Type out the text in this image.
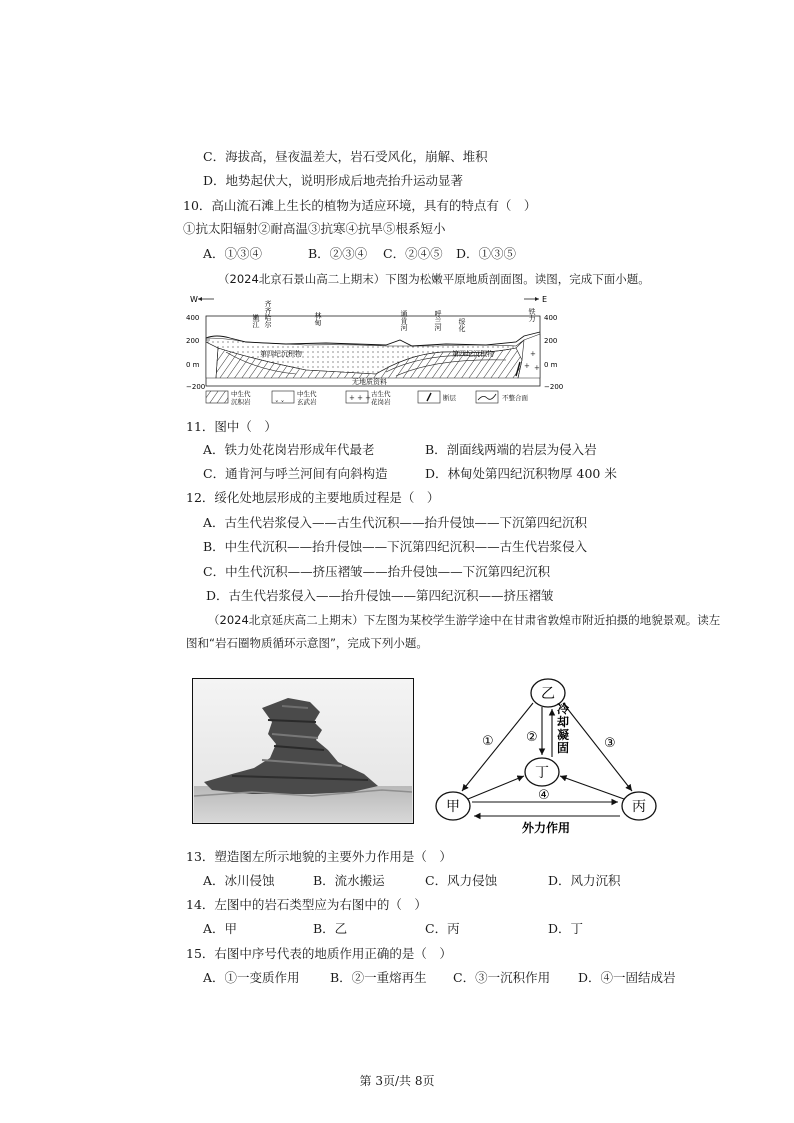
C．海拔高，昼夜温差大，岩石受风化，崩解、堆积
D．地势起伏大，说明形成后地壳抬升运动显著
10．高山流石滩上生长的植物为适应环境，具有的特点有（　）
①抗太阳辐射②耐高温③抗寒④抗旱⑤根系短小
A．①③④	B．②③④ C．②④⑤ D．①③⑤
（2024北京石景山高二上期末）下图为松嫩平原地质剖面图。读图，完成下面小题。
W	E
400
200
0 m
−200
400
200
0 m
−200
+
+ +
嫩江 齐齐哈尔	林甸	通肯河	呼兰河 绥化
铁力
第四纪沉积物	第四纪沉积物
无地质资料
中生代
沉积岩	ˬ ˬ 中生代
玄武岩	+ + + 古生代
花岗岩	断层	不整合面
11．图中（　）
A．铁力处花岗岩形成年代最老	B．剖面线两端的岩层为侵入岩
C．通肯河与呼兰河间有向斜构造	D．林甸处第四纪沉积物厚 400 米
12．绥化处地层形成的主要地质过程是（　）
A．古生代岩浆侵入——古生代沉积——抬升侵蚀——下沉第四纪沉积
B．中生代沉积——抬升侵蚀——下沉第四纪沉积——古生代岩浆侵入
C．中生代沉积——挤压褶皱——抬升侵蚀——下沉第四纪沉积
D．古生代岩浆侵入——抬升侵蚀——第四纪沉积——挤压褶皱
（2024北京延庆高二上期末）下左图为某校学生游学途中在甘肃省敦煌市附近拍摄的地貌景观。读左
图和“岩石圈物质循环示意图”，完成下列小题。
乙
丁
甲	丙
① ②	③
④
冷
却
凝
固
外力作用
13．塑造图左所示地貌的主要外力作用是（　）
A．冰川侵蚀	B．流水搬运	C．风力侵蚀	D．风力沉积
14．左图中的岩石类型应为右图中的（　）
A．甲	B．乙	C．丙	D．丁
15．右图中序号代表的地质作用正确的是（　）
A．①一变质作用 B．②一重熔再生 C．③一沉积作用 D．④一固结成岩
第 3页/共 8页
